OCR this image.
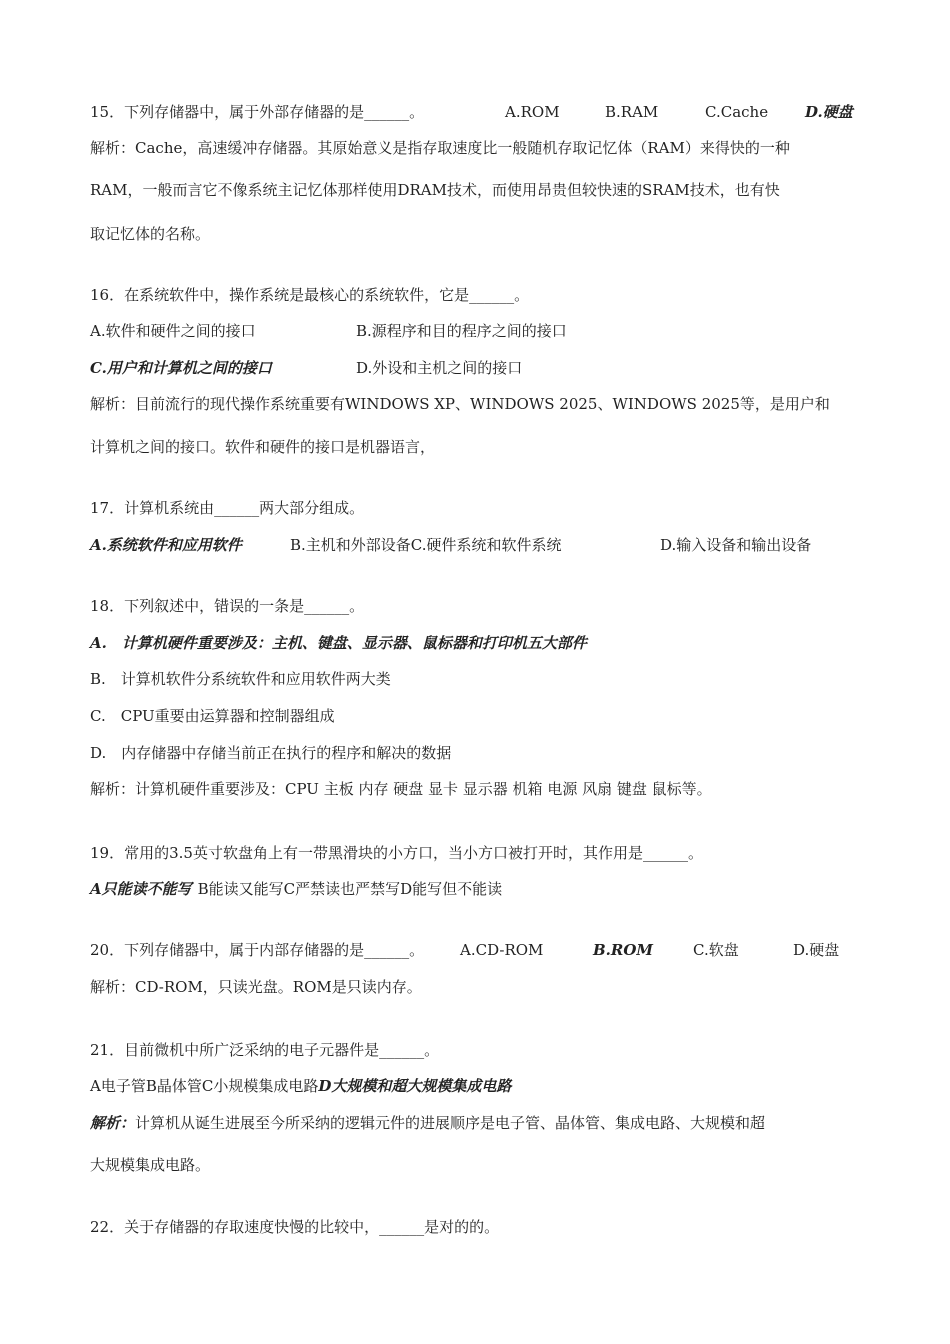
15．下列存储器中，属于外部存储器的是______。	A.ROM	B.RAM	C.Cache D.硬盘
解析：Cache，高速缓冲存储器。其原始意义是指存取速度比一般随机存取记忆体（RAM）来得快的一种
RAM，一般而言它不像系统主记忆体那样使用DRAM技术，而使用昂贵但较快速的SRAM技术，也有快
取记忆体的名称。
16．在系统软件中，操作系统是最核心的系统软件，它是______。
A.软件和硬件之间的接口	B.源程序和目的程序之间的接口
C.用户和计算机之间的接口	D.外设和主机之间的接口
解析：目前流行的现代操作系统重要有WINDOWS XP、WINDOWS 2025、WINDOWS 2025等，是用户和
计算机之间的接口。软件和硬件的接口是机器语言，
17．计算机系统由______两大部分组成。
A.系统软件和应用软件	B.主机和外部设备C.硬件系统和软件系统	D.输入设备和输出设备
18．下列叙述中，错误的一条是______。
A.　计算机硬件重要涉及：主机、键盘、显示器、鼠标器和打印机五大部件
B.　计算机软件分系统软件和应用软件两大类
C.　CPU重要由运算器和控制器组成
D.　内存储器中存储当前正在执行的程序和解决的数据
解析：计算机硬件重要涉及：CPU 主板 内存 硬盘 显卡 显示器 机箱 电源 风扇 键盘 鼠标等。
19．常用的3.5英寸软盘角上有一带黑滑块的小方口，当小方口被打开时，其作用是______。
A只能读不能写 B能读又能写C严禁读也严禁写D能写但不能读
20．下列存储器中，属于内部存储器的是______。 A.CD-ROM	B.ROM	C.软盘	D.硬盘
解析：CD-ROM，只读光盘。ROM是只读内存。
21．目前微机中所广泛采纳的电子元器件是______。
A电子管B晶体管C小规模集成电路D大规模和超大规模集成电路
解析：计算机从诞生进展至今所采纳的逻辑元件的进展顺序是电子管、晶体管、集成电路、大规模和超
大规模集成电路。
22．关于存储器的存取速度快慢的比较中，______是对的的。
